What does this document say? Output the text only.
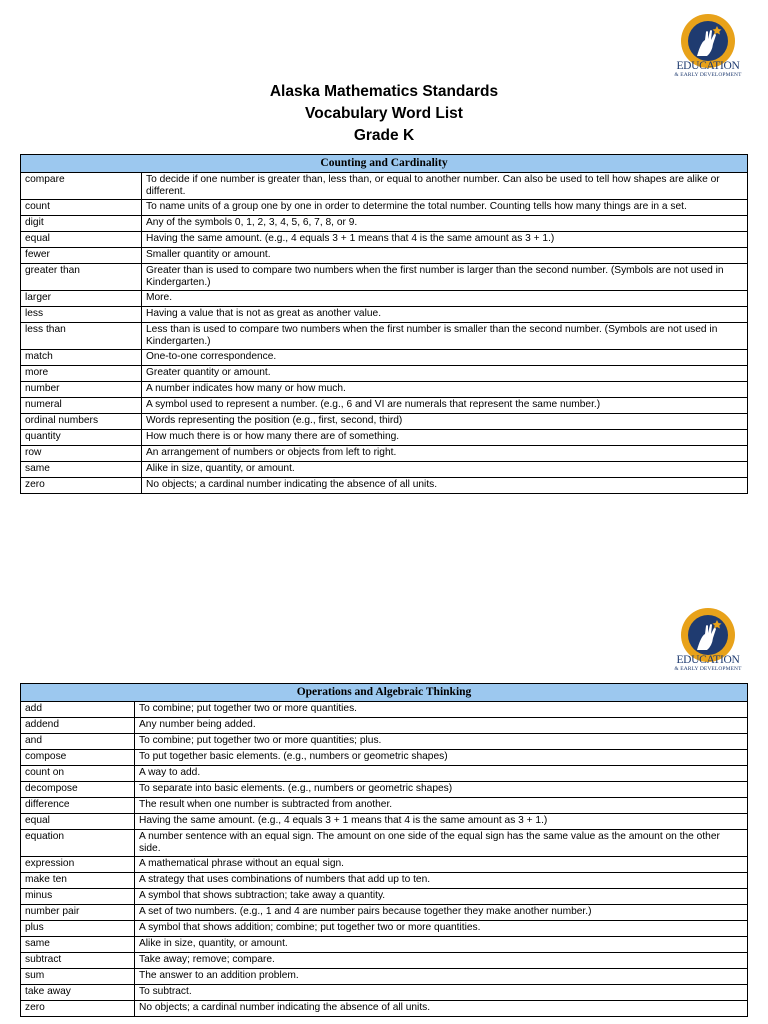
EDUCATION
& EARLY DEVELOPMENT
Alaska Mathematics Standards
Vocabulary Word List
Grade K
Counting and Cardinality	
compare	To decide if one number is greater than, less than, or equal to another number. Can also be used to tell how shapes are alike or different.
count	To name units of a group one by one in order to determine the total number. Counting tells how many things are in a set.
digit	Any of the symbols 0, 1, 2, 3, 4, 5, 6, 7, 8, or 9.
equal	Having the same amount. (e.g., 4 equals 3 + 1 means that 4 is the same amount as 3 + 1.)
fewer	Smaller quantity or amount.
greater than	Greater than is used to compare two numbers when the first number is larger than the second number. (Symbols are not used in Kindergarten.)
larger	More.
less	Having a value that is not as great as another value.
less than	Less than is used to compare two numbers when the first number is smaller than the second number. (Symbols are not used in Kindergarten.)
match	One-to-one correspondence.
more	Greater quantity or amount.
number	A number indicates how many or how much.
numeral	A symbol used to represent a number. (e.g., 6 and VI are numerals that represent the same number.)
ordinal numbers	Words representing the position (e.g., first, second, third)
quantity	How much there is or how many there are of something.
row	An arrangement of numbers or objects from left to right.
same	Alike in size, quantity, or amount.
zero	No objects; a cardinal number indicating the absence of all units.
EDUCATION
& EARLY DEVELOPMENT
Operations and Algebraic Thinking	
add	To combine; put together two or more quantities.
addend	Any number being added.
and	To combine; put together two or more quantities; plus.
compose	To put together basic elements. (e.g., numbers or geometric shapes)
count on	A way to add.
decompose	To separate into basic elements. (e.g., numbers or geometric shapes)
difference	The result when one number is subtracted from another.
equal	Having the same amount. (e.g., 4 equals 3 + 1 means that 4 is the same amount as 3 + 1.)
equation	A number sentence with an equal sign. The amount on one side of the equal sign has the same value as the amount on the other side.
expression	A mathematical phrase without an equal sign.
make ten	A strategy that uses combinations of numbers that add up to ten.
minus	A symbol that shows subtraction; take away a quantity.
number pair	A set of two numbers. (e.g., 1 and 4 are number pairs because together they make another number.)
plus	A symbol that shows addition; combine; put together two or more quantities.
same	Alike in size, quantity, or amount.
subtract	Take away; remove; compare.
sum	The answer to an addition problem.
take away	To subtract.
zero	No objects; a cardinal number indicating the absence of all units.
